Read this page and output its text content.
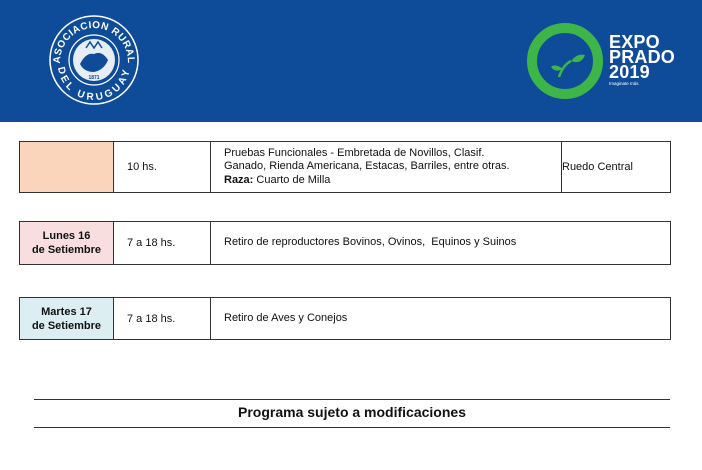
ASOCIACION RURAL
DEL URUGUAY
1871
EXPO
PRADO
2019
Imaginate más

	10 hs.	Pruebas Funcionales - Embretada de Novillos, Clasif.
Ganado, Rienda Americana, Estacas, Barriles, entre otras.
Raza: Cuarto de Milla	Ruedo Central
Lunes 16
de Setiembre	7 a 18 hs.	Retiro de reproductores Bovinos, Ovinos,  Equinos y Suinos
Martes 17
de Setiembre	7 a 18 hs.	Retiro de Aves y Conejos
Programa sujeto a modificaciones
